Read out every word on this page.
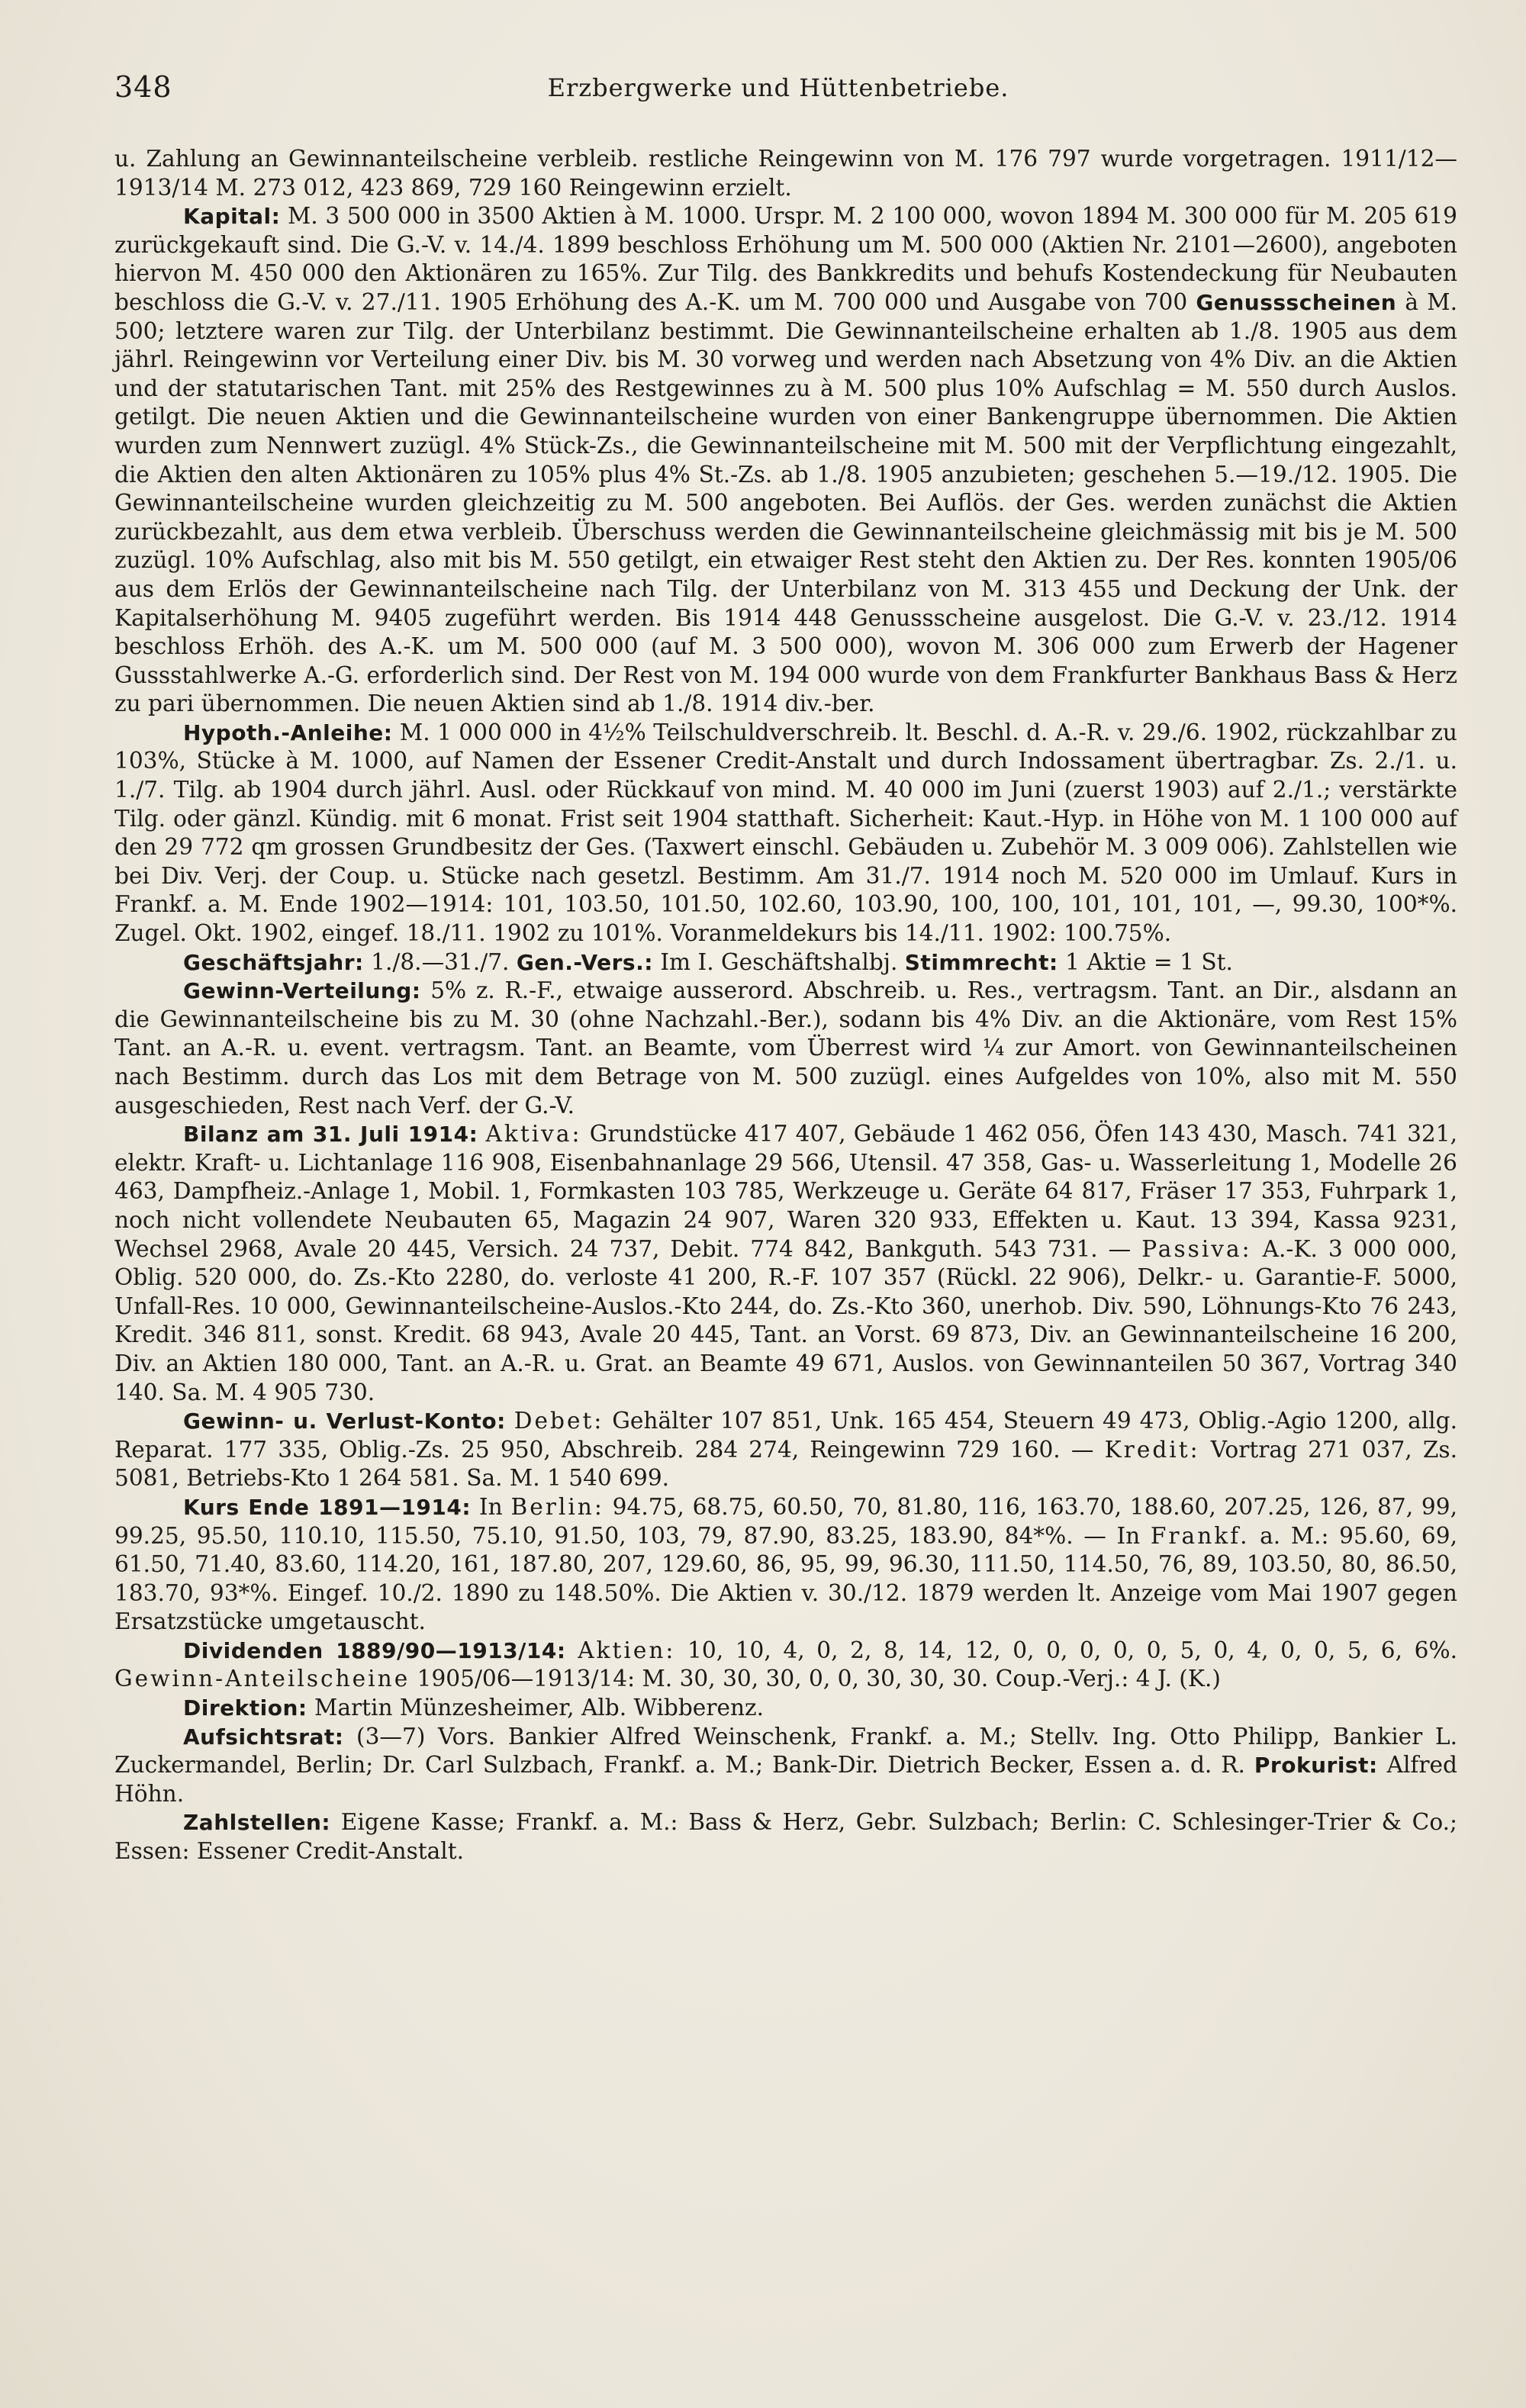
348	Erzbergwerke und Hüttenbetriebe.

u. Zahlung an Gewinnanteilscheine verbleib. restliche Reingewinn von M. 176 797 wurde vorgetragen. 1911/12—1913/14 M. 273 012, 423 869, 729 160 Reingewinn erzielt.

Kapital: M. 3 500 000 in 3500 Aktien à M. 1000. Urspr. M. 2 100 000, wovon 1894 M. 300 000 für M. 205 619 zurückgekauft sind. Die G.-V. v. 14./4. 1899 beschloss Erhöhung um M. 500 000 (Aktien Nr. 2101—2600), angeboten hiervon M. 450 000 den Aktionären zu 165%. Zur Tilg. des Bankkredits und behufs Kostendeckung für Neubauten beschloss die G.-V. v. 27./11. 1905 Erhöhung des A.-K. um M. 700 000 und Ausgabe von 700 Genussscheinen à M. 500; letztere waren zur Tilg. der Unterbilanz bestimmt. Die Gewinnanteilscheine erhalten ab 1./8. 1905 aus dem jährl. Reingewinn vor Verteilung einer Div. bis M. 30 vorweg und werden nach Absetzung von 4% Div. an die Aktien und der statutarischen Tant. mit 25% des Restgewinnes zu à M. 500 plus 10% Aufschlag = M. 550 durch Auslos. getilgt. Die neuen Aktien und die Gewinnanteilscheine wurden von einer Bankengruppe übernommen. Die Aktien wurden zum Nennwert zuzügl. 4% Stück-Zs., die Gewinnanteilscheine mit M. 500 mit der Verpflichtung eingezahlt, die Aktien den alten Aktionären zu 105% plus 4% St.-Zs. ab 1./8. 1905 anzubieten; geschehen 5.—19./12. 1905. Die Gewinnanteilscheine wurden gleichzeitig zu M. 500 angeboten. Bei Auflös. der Ges. werden zunächst die Aktien zurückbezahlt, aus dem etwa verbleib. Überschuss werden die Gewinnanteilscheine gleichmässig mit bis je M. 500 zuzügl. 10% Aufschlag, also mit bis M. 550 getilgt, ein etwaiger Rest steht den Aktien zu. Der Res. konnten 1905/06 aus dem Erlös der Gewinnanteilscheine nach Tilg. der Unterbilanz von M. 313 455 und Deckung der Unk. der Kapitalserhöhung M. 9405 zugeführt werden. Bis 1914 448 Genussscheine ausgelost. Die G.-V. v. 23./12. 1914 beschloss Erhöh. des A.-K. um M. 500 000 (auf M. 3 500 000), wovon M. 306 000 zum Erwerb der Hagener Gussstahlwerke A.-G. erforderlich sind. Der Rest von M. 194 000 wurde von dem Frankfurter Bankhaus Bass & Herz zu pari übernommen. Die neuen Aktien sind ab 1./8. 1914 div.-ber.

Hypoth.-Anleihe: M. 1 000 000 in 4½% Teilschuldverschreib. lt. Beschl. d. A.-R. v. 29./6. 1902, rückzahlbar zu 103%, Stücke à M. 1000, auf Namen der Essener Credit-Anstalt und durch Indossament übertragbar. Zs. 2./1. u. 1./7. Tilg. ab 1904 durch jährl. Ausl. oder Rückkauf von mind. M. 40 000 im Juni (zuerst 1903) auf 2./1.; verstärkte Tilg. oder gänzl. Kündig. mit 6 monat. Frist seit 1904 statthaft. Sicherheit: Kaut.-Hyp. in Höhe von M. 1 100 000 auf den 29 772 qm grossen Grundbesitz der Ges. (Taxwert einschl. Gebäuden u. Zubehör M. 3 009 006). Zahlstellen wie bei Div. Verj. der Coup. u. Stücke nach gesetzl. Bestimm. Am 31./7. 1914 noch M. 520 000 im Umlauf. Kurs in Frankf. a. M. Ende 1902—1914: 101, 103.50, 101.50, 102.60, 103.90, 100, 100, 101, 101, 101, —, 99.30, 100*%. Zugel. Okt. 1902, eingef. 18./11. 1902 zu 101%. Voranmeldekurs bis 14./11. 1902: 100.75%.

Geschäftsjahr: 1./8.—31./7. Gen.-Vers.: Im I. Geschäftshalbj. Stimmrecht: 1 Aktie = 1 St.

Gewinn-Verteilung: 5% z. R.-F., etwaige ausserord. Abschreib. u. Res., vertragsm. Tant. an Dir., alsdann an die Gewinnanteilscheine bis zu M. 30 (ohne Nachzahl.-Ber.), sodann bis 4% Div. an die Aktionäre, vom Rest 15% Tant. an A.-R. u. event. vertragsm. Tant. an Beamte, vom Überrest wird ¼ zur Amort. von Gewinnanteilscheinen nach Bestimm. durch das Los mit dem Betrage von M. 500 zuzügl. eines Aufgeldes von 10%, also mit M. 550 ausgeschieden, Rest nach Verf. der G.-V.

Bilanz am 31. Juli 1914: Aktiva: Grundstücke 417 407, Gebäude 1 462 056, Öfen 143 430, Masch. 741 321, elektr. Kraft- u. Lichtanlage 116 908, Eisenbahnanlage 29 566, Utensil. 47 358, Gas- u. Wasserleitung 1, Modelle 26 463, Dampfheiz.-Anlage 1, Mobil. 1, Formkasten 103 785, Werkzeuge u. Geräte 64 817, Fräser 17 353, Fuhrpark 1, noch nicht vollendete Neubauten 65, Magazin 24 907, Waren 320 933, Effekten u. Kaut. 13 394, Kassa 9231, Wechsel 2968, Avale 20 445, Versich. 24 737, Debit. 774 842, Bankguth. 543 731. — Passiva: A.-K. 3 000 000, Oblig. 520 000, do. Zs.-Kto 2280, do. verloste 41 200, R.-F. 107 357 (Rückl. 22 906), Delkr.- u. Garantie-F. 5000, Unfall-Res. 10 000, Gewinnanteilscheine-Auslos.-Kto 244, do. Zs.-Kto 360, unerhob. Div. 590, Löhnungs-Kto 76 243, Kredit. 346 811, sonst. Kredit. 68 943, Avale 20 445, Tant. an Vorst. 69 873, Div. an Gewinnanteilscheine 16 200, Div. an Aktien 180 000, Tant. an A.-R. u. Grat. an Beamte 49 671, Auslos. von Gewinnanteilen 50 367, Vortrag 340 140. Sa. M. 4 905 730.

Gewinn- u. Verlust-Konto: Debet: Gehälter 107 851, Unk. 165 454, Steuern 49 473, Oblig.-Agio 1200, allg. Reparat. 177 335, Oblig.-Zs. 25 950, Abschreib. 284 274, Reingewinn 729 160. — Kredit: Vortrag 271 037, Zs. 5081, Betriebs-Kto 1 264 581. Sa. M. 1 540 699.

Kurs Ende 1891—1914: In Berlin: 94.75, 68.75, 60.50, 70, 81.80, 116, 163.70, 188.60, 207.25, 126, 87, 99, 99.25, 95.50, 110.10, 115.50, 75.10, 91.50, 103, 79, 87.90, 83.25, 183.90, 84*%. — In Frankf. a. M.: 95.60, 69, 61.50, 71.40, 83.60, 114.20, 161, 187.80, 207, 129.60, 86, 95, 99, 96.30, 111.50, 114.50, 76, 89, 103.50, 80, 86.50, 183.70, 93*%. Eingef. 10./2. 1890 zu 148.50%. Die Aktien v. 30./12. 1879 werden lt. Anzeige vom Mai 1907 gegen Ersatzstücke umgetauscht.

Dividenden 1889/90—1913/14: Aktien: 10, 10, 4, 0, 2, 8, 14, 12, 0, 0, 0, 0, 0, 5, 0, 4, 0, 0, 5, 6, 6%. Gewinn-Anteilscheine 1905/06—1913/14: M. 30, 30, 30, 0, 0, 30, 30, 30. Coup.-Verj.: 4 J. (K.)

Direktion: Martin Münzesheimer, Alb. Wibberenz.

Aufsichtsrat: (3—7) Vors. Bankier Alfred Weinschenk, Frankf. a. M.; Stellv. Ing. Otto Philipp, Bankier L. Zuckermandel, Berlin; Dr. Carl Sulzbach, Frankf. a. M.; Bank-Dir. Dietrich Becker, Essen a. d. R. Prokurist: Alfred Höhn.

Zahlstellen: Eigene Kasse; Frankf. a. M.: Bass & Herz, Gebr. Sulzbach; Berlin: C. Schlesinger-Trier & Co.; Essen: Essener Credit-Anstalt.
